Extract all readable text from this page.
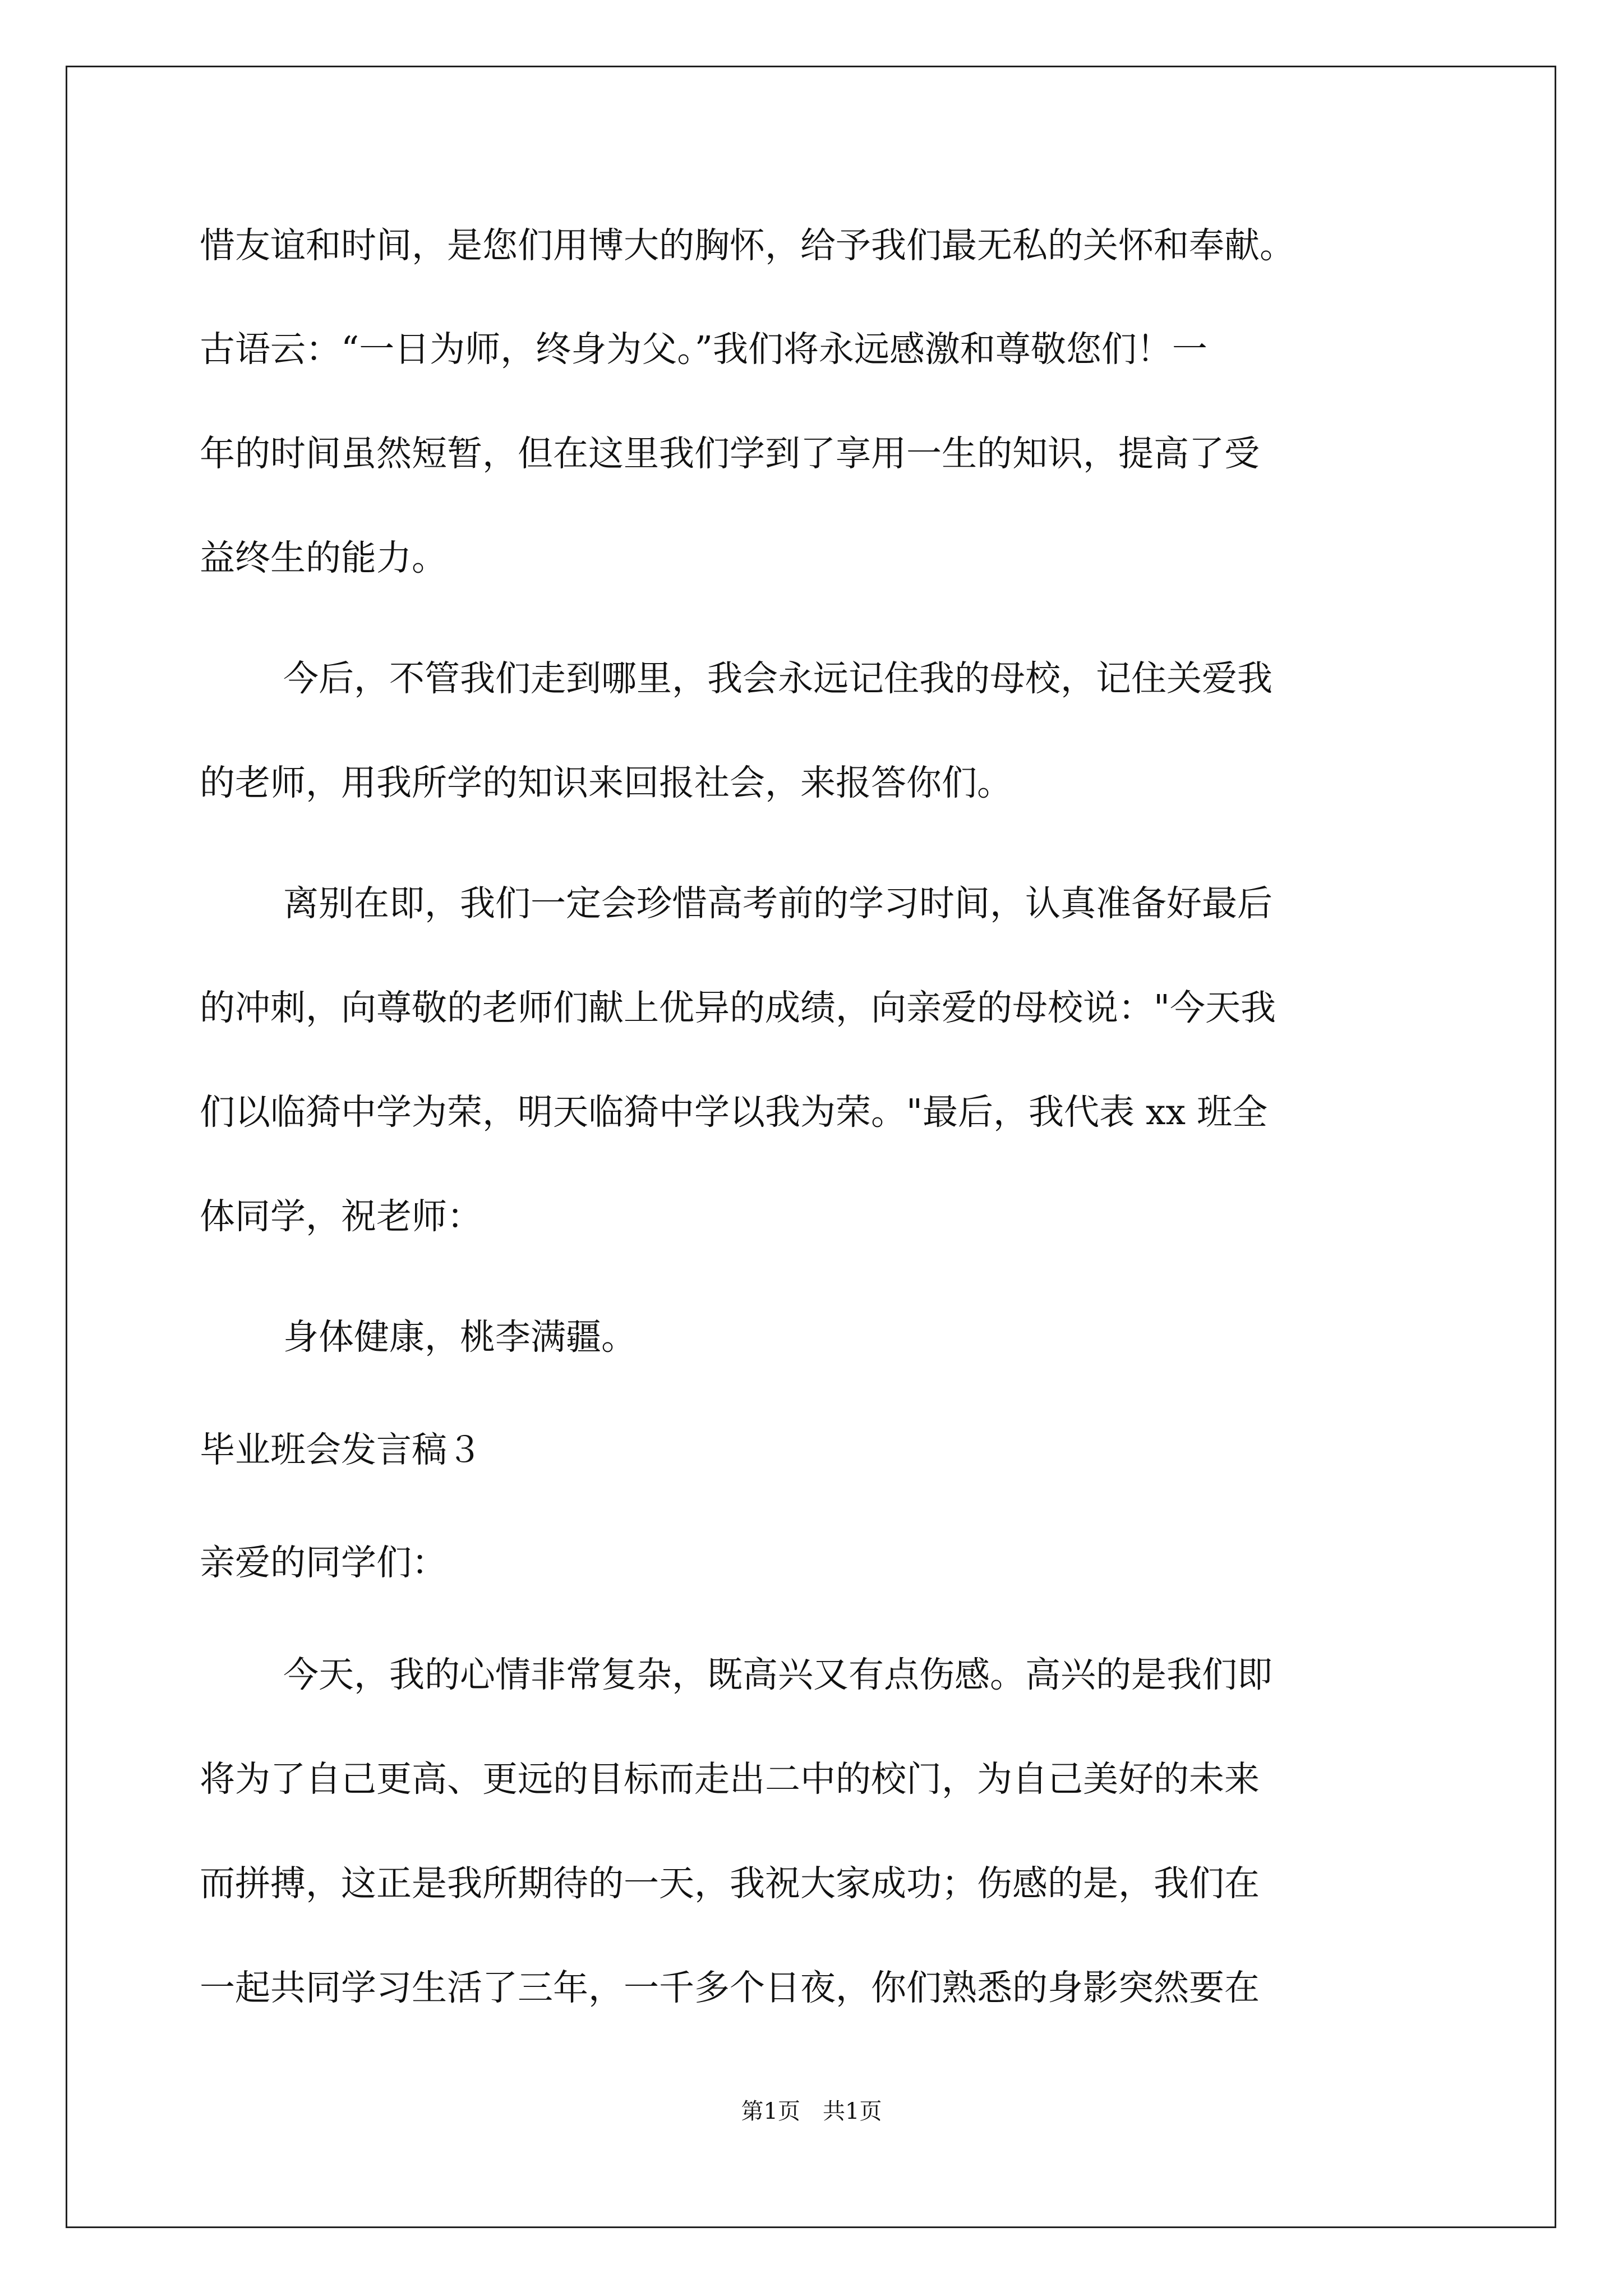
惜友谊和时间，是您们用博大的胸怀，给予我们最无私的关怀和奉献。
古语云：“一日为师，终身为父。”我们将永远感激和尊敬您们！一
年的时间虽然短暂，但在这里我们学到了享用一生的知识，提高了受
益终生的能力。
今后，不管我们走到哪里，我会永远记住我的母校，记住关爱我
的老师，用我所学的知识来回报社会，来报答你们。
离别在即，我们一定会珍惜高考前的学习时间，认真准备好最后
的冲刺，向尊敬的老师们献上优异的成绩，向亲爱的母校说："今天我
们以临猗中学为荣，明天临猗中学以我为荣。"最后，我代表 xx 班全
体同学，祝老师：
身体健康，桃李满疆。
毕业班会发言稿３
亲爱的同学们：
今天，我的心情非常复杂，既高兴又有点伤感。高兴的是我们即
将为了自己更高、更远的目标而走出二中的校门，为自己美好的未来
而拼搏，这正是我所期待的一天，我祝大家成功；伤感的是，我们在
一起共同学习生活了三年，一千多个日夜，你们熟悉的身影突然要在
第1页　共1页
